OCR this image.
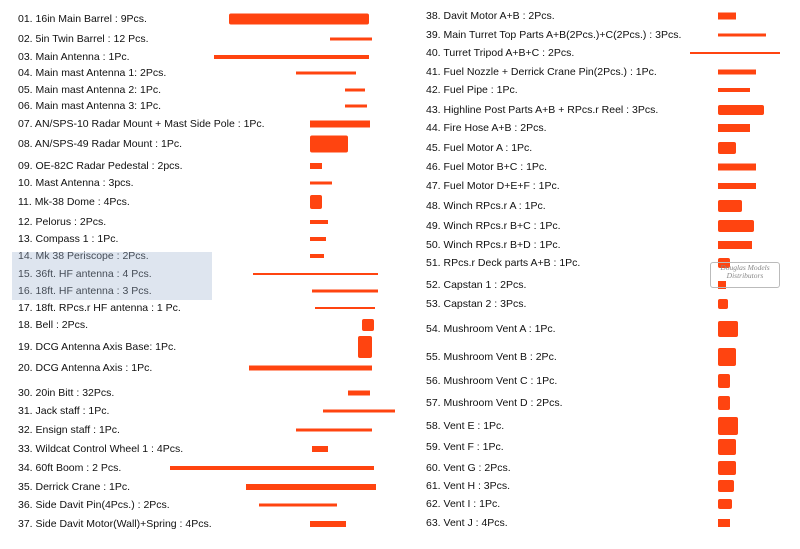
01. 16in Main Barrel : 9Pcs.
02. 5in Twin Barrel : 12 Pcs.
03. Main Antenna : 1Pc.
04. Main mast Antenna 1: 2Pcs.
05. Main mast Antenna 2: 1Pc.
06. Main mast Antenna 3: 1Pc.
07. AN/SPS-10 Radar Mount + Mast Side Pole : 1Pc.
08. AN/SPS-49 Radar Mount : 1Pc.
09. OE-82C Radar Pedestal : 2pcs.
10. Mast Antenna : 3pcs.
11. Mk-38 Dome : 4Pcs.
12. Pelorus : 2Pcs.
13. Compass 1 : 1Pc.
14. Mk 38 Periscope : 2Pcs.
15. 36ft. HF antenna : 4 Pcs.
16. 18ft. HF antenna : 3 Pcs.
17. 18ft. RPcs.r HF antenna : 1 Pc.
18. Bell : 2Pcs.
19. DCG Antenna Axis Base: 1Pc.
20. DCG Antenna Axis : 1Pc.
30. 20in Bitt : 32Pcs.
31. Jack staff : 1Pc.
32. Ensign staff : 1Pc.
33. Wildcat Control Wheel 1 : 4Pcs.
34. 60ft Boom : 2 Pcs.
35. Derrick Crane : 1Pc.
36. Side Davit Pin(4Pcs.) : 2Pcs.
37. Side Davit Motor(Wall)+Spring : 4Pcs.
38. Davit Motor A+B : 2Pcs.
39. Main Turret Top Parts A+B(2Pcs.)+C(2Pcs.) : 3Pcs.
40. Turret Tripod A+B+C : 2Pcs.
41. Fuel Nozzle + Derrick Crane Pin(2Pcs.) : 1Pc.
42. Fuel Pipe : 1Pc.
43. Highline Post Parts A+B + RPcs.r Reel : 3Pcs.
44. Fire Hose A+B : 2Pcs.
45. Fuel Motor A : 1Pc.
46. Fuel Motor B+C : 1Pc.
47. Fuel Motor D+E+F : 1Pc.
48. Winch RPcs.r A : 1Pc.
49. Winch RPcs.r B+C : 1Pc.
50. Winch RPcs.r B+D : 1Pc.
51. RPcs.r Deck parts A+B : 1Pc.
52. Capstan 1 : 2Pcs.
53. Capstan 2 : 3Pcs.
54. Mushroom Vent A : 1Pc.
55. Mushroom Vent B : 2Pc.
56. Mushroom Vent C : 1Pc.
57. Mushroom Vent D : 2Pcs.
58. Vent E : 1Pc.
59. Vent F : 1Pc.
60. Vent G : 2Pcs.
61. Vent H : 3Pcs.
62. Vent I : 1Pc.
63. Vent J : 4Pcs.
Douglas Models Distributors
